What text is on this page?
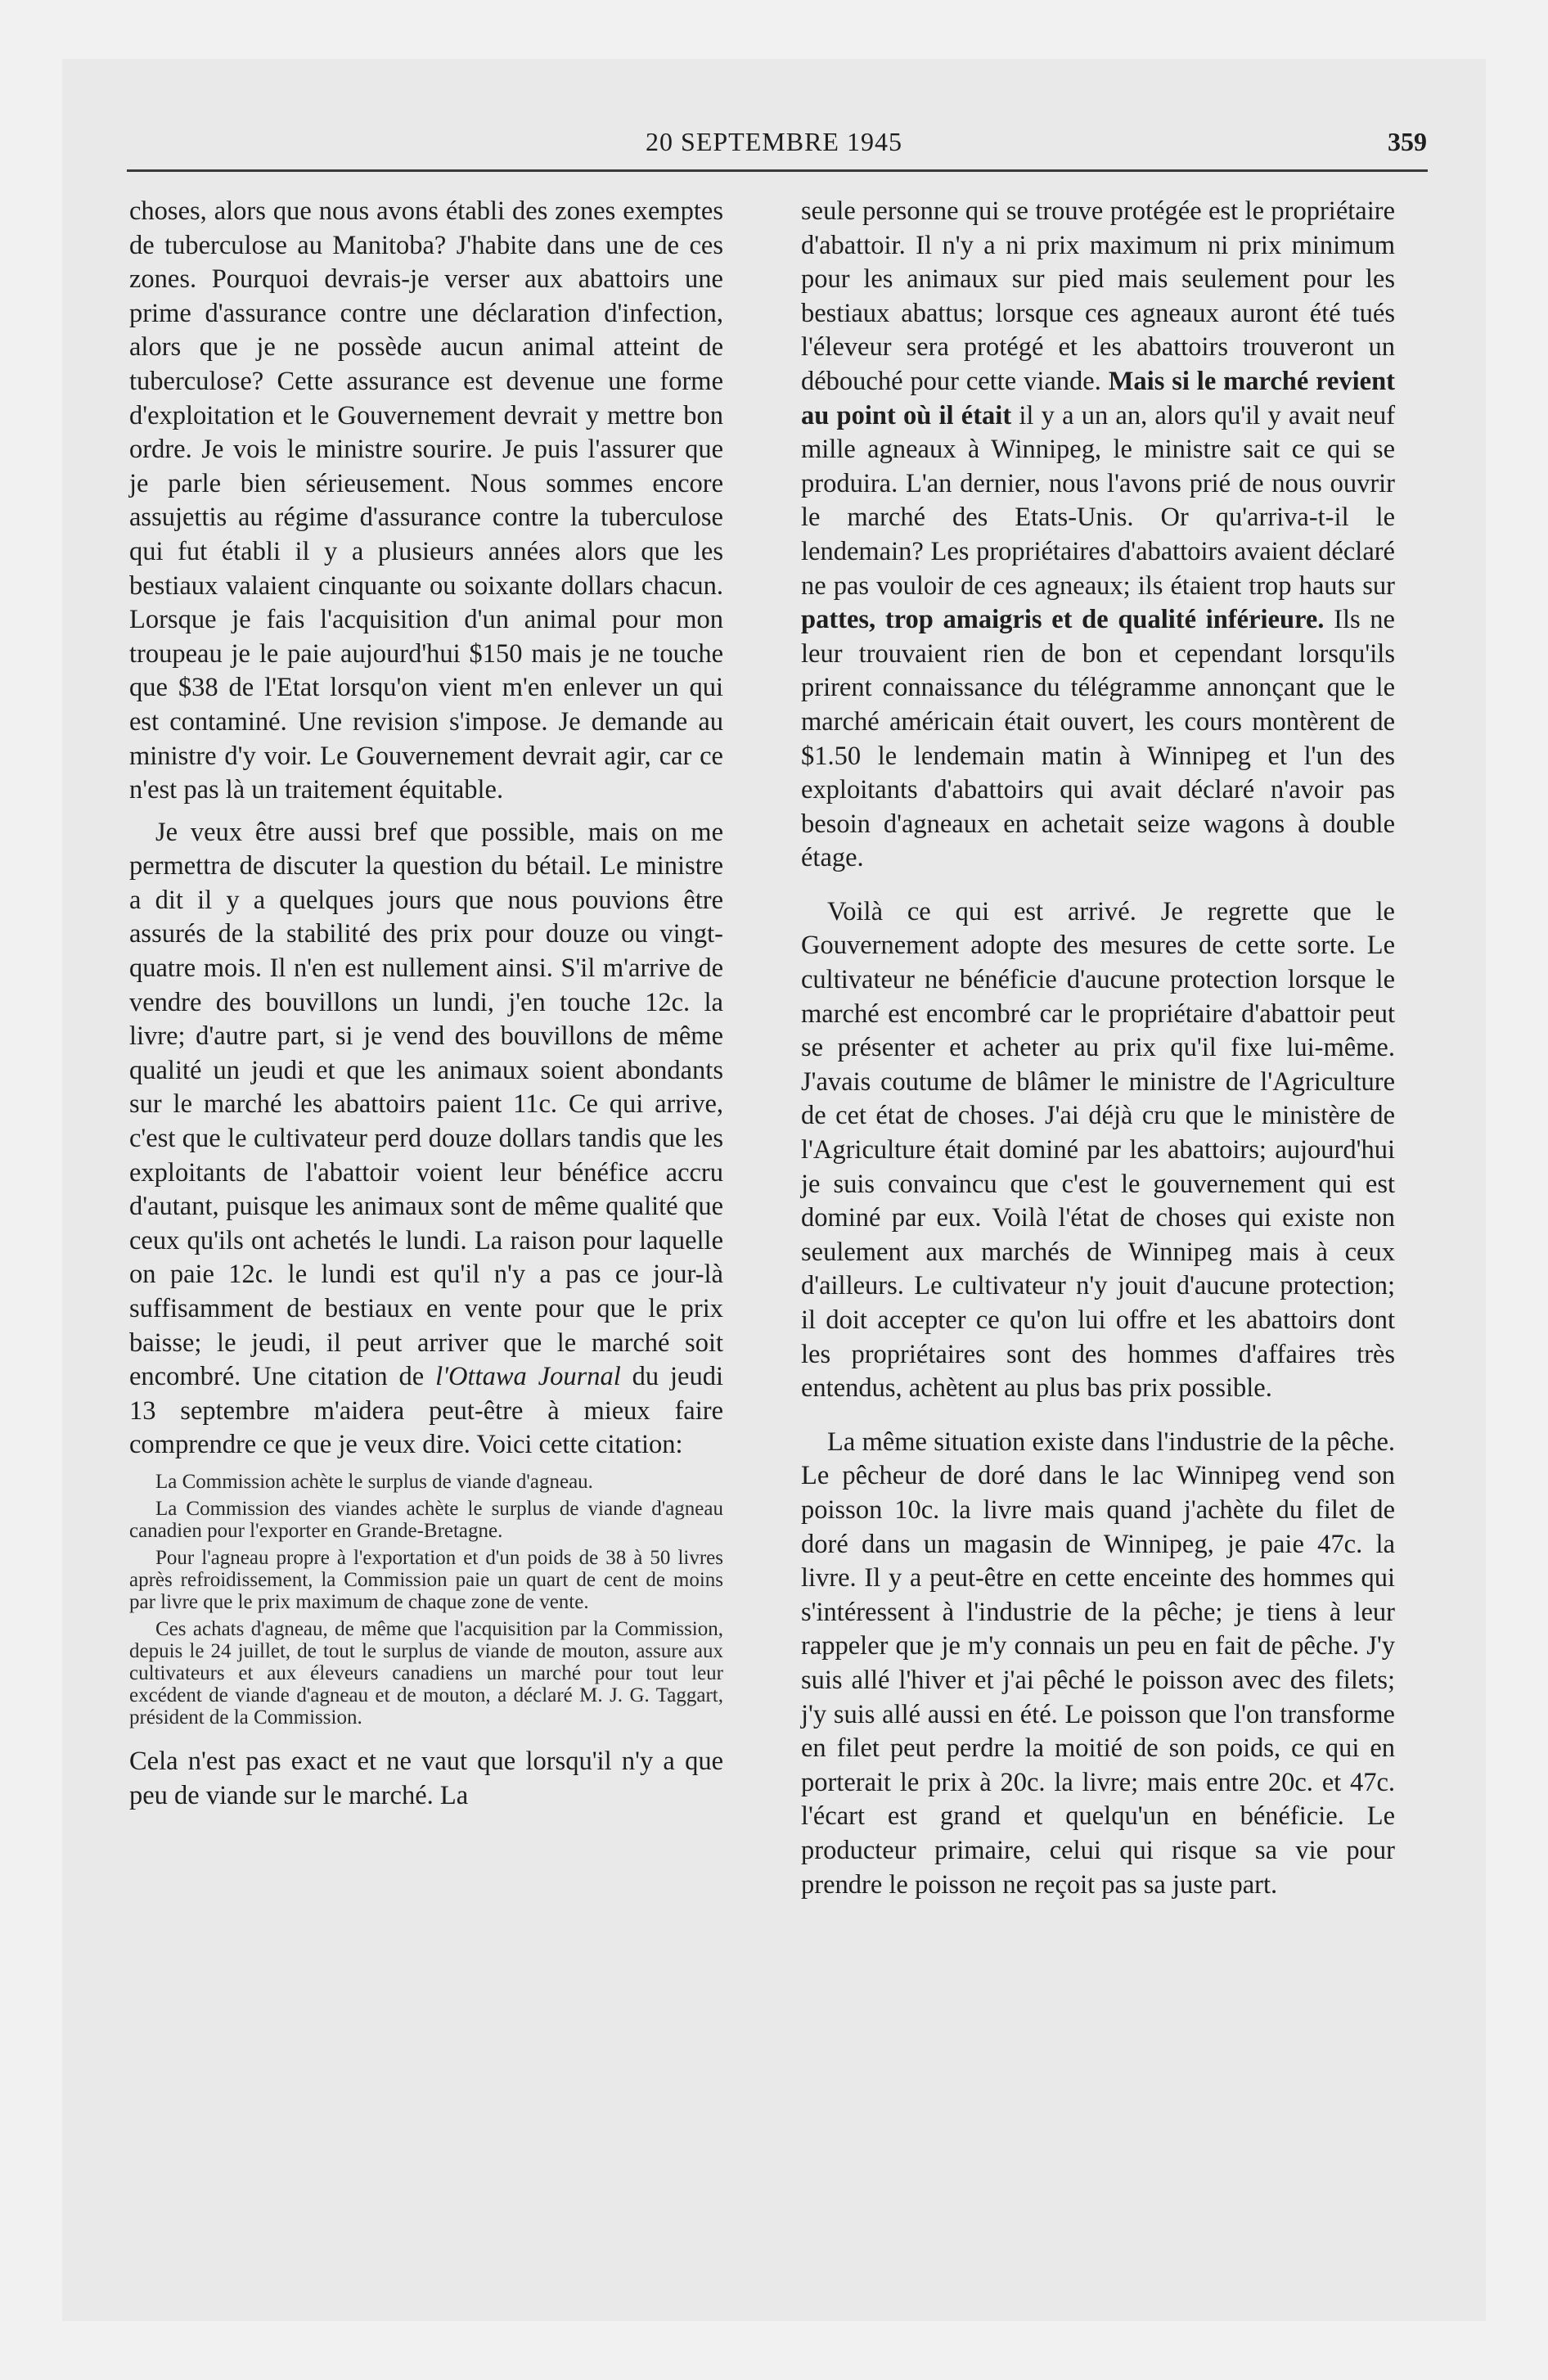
20 SEPTEMBRE 1945	359

choses, alors que nous avons établi des zones exemptes de tuberculose au Manitoba? J'habite dans une de ces zones. Pourquoi devrais-je verser aux abattoirs une prime d'assurance contre une déclaration d'infection, alors que je ne possède aucun animal atteint de tuberculose? Cette assurance est devenue une forme d'exploitation et le Gouvernement devrait y mettre bon ordre. Je vois le ministre sourire. Je puis l'assurer que je parle bien sérieusement. Nous sommes encore assujettis au régime d'assurance contre la tuberculose qui fut établi il y a plusieurs années alors que les bestiaux valaient cinquante ou soixante dollars chacun. Lorsque je fais l'acquisition d'un animal pour mon troupeau je le paie aujourd'hui $150 mais je ne touche que $38 de l'Etat lorsqu'on vient m'en enlever un qui est contaminé. Une revision s'impose. Je demande au ministre d'y voir. Le Gouvernement devrait agir, car ce n'est pas là un traitement équitable.

Je veux être aussi bref que possible, mais on me permettra de discuter la question du bétail. Le ministre a dit il y a quelques jours que nous pouvions être assurés de la stabilité des prix pour douze ou vingt-quatre mois. Il n'en est nullement ainsi. S'il m'arrive de vendre des bouvillons un lundi, j'en touche 12c. la livre; d'autre part, si je vend des bouvillons de même qualité un jeudi et que les animaux soient abondants sur le marché les abattoirs paient 11c. Ce qui arrive, c'est que le cultivateur perd douze dollars tandis que les exploitants de l'abattoir voient leur bénéfice accru d'autant, puisque les animaux sont de même qualité que ceux qu'ils ont achetés le lundi. La raison pour laquelle on paie 12c. le lundi est qu'il n'y a pas ce jour-là suffisamment de bestiaux en vente pour que le prix baisse; le jeudi, il peut arriver que le marché soit encombré. Une citation de l'Ottawa Journal du jeudi 13 septembre m'aidera peut-être à mieux faire comprendre ce que je veux dire. Voici cette citation:

La Commission achète le surplus de viande d'agneau.

La Commission des viandes achète le surplus de viande d'agneau canadien pour l'exporter en Grande-Bretagne.

Pour l'agneau propre à l'exportation et d'un poids de 38 à 50 livres après refroidissement, la Commission paie un quart de cent de moins par livre que le prix maximum de chaque zone de vente.

Ces achats d'agneau, de même que l'acquisition par la Commission, depuis le 24 juillet, de tout le surplus de viande de mouton, assure aux cultivateurs et aux éleveurs canadiens un marché pour tout leur excédent de viande d'agneau et de mouton, a déclaré M. J. G. Taggart, président de la Commission.

Cela n'est pas exact et ne vaut que lorsqu'il n'y a que peu de viande sur le marché. La

seule personne qui se trouve protégée est le propriétaire d'abattoir. Il n'y a ni prix maximum ni prix minimum pour les animaux sur pied mais seulement pour les bestiaux abattus; lorsque ces agneaux auront été tués l'éleveur sera protégé et les abattoirs trouveront un débouché pour cette viande. Mais si le marché revient au point où il était il y a un an, alors qu'il y avait neuf mille agneaux à Winnipeg, le ministre sait ce qui se produira. L'an dernier, nous l'avons prié de nous ouvrir le marché des Etats-Unis. Or qu'arriva-t-il le lendemain? Les propriétaires d'abattoirs avaient déclaré ne pas vouloir de ces agneaux; ils étaient trop hauts sur pattes, trop amaigris et de qualité inférieure. Ils ne leur trouvaient rien de bon et cependant lorsqu'ils prirent connaissance du télégramme annonçant que le marché américain était ouvert, les cours montèrent de $1.50 le lendemain matin à Winnipeg et l'un des exploitants d'abattoirs qui avait déclaré n'avoir pas besoin d'agneaux en achetait seize wagons à double étage.

Voilà ce qui est arrivé. Je regrette que le Gouvernement adopte des mesures de cette sorte. Le cultivateur ne bénéficie d'aucune protection lorsque le marché est encombré car le propriétaire d'abattoir peut se présenter et acheter au prix qu'il fixe lui-même. J'avais coutume de blâmer le ministre de l'Agriculture de cet état de choses. J'ai déjà cru que le ministère de l'Agriculture était dominé par les abattoirs; aujourd'hui je suis convaincu que c'est le gouvernement qui est dominé par eux. Voilà l'état de choses qui existe non seulement aux marchés de Winnipeg mais à ceux d'ailleurs. Le cultivateur n'y jouit d'aucune protection; il doit accepter ce qu'on lui offre et les abattoirs dont les propriétaires sont des hommes d'affaires très entendus, achètent au plus bas prix possible.

La même situation existe dans l'industrie de la pêche. Le pêcheur de doré dans le lac Winnipeg vend son poisson 10c. la livre mais quand j'achète du filet de doré dans un magasin de Winnipeg, je paie 47c. la livre. Il y a peut-être en cette enceinte des hommes qui s'intéressent à l'industrie de la pêche; je tiens à leur rappeler que je m'y connais un peu en fait de pêche. J'y suis allé l'hiver et j'ai pêché le poisson avec des filets; j'y suis allé aussi en été. Le poisson que l'on transforme en filet peut perdre la moitié de son poids, ce qui en porterait le prix à 20c. la livre; mais entre 20c. et 47c. l'écart est grand et quelqu'un en bénéficie. Le producteur primaire, celui qui risque sa vie pour prendre le poisson ne reçoit pas sa juste part.
